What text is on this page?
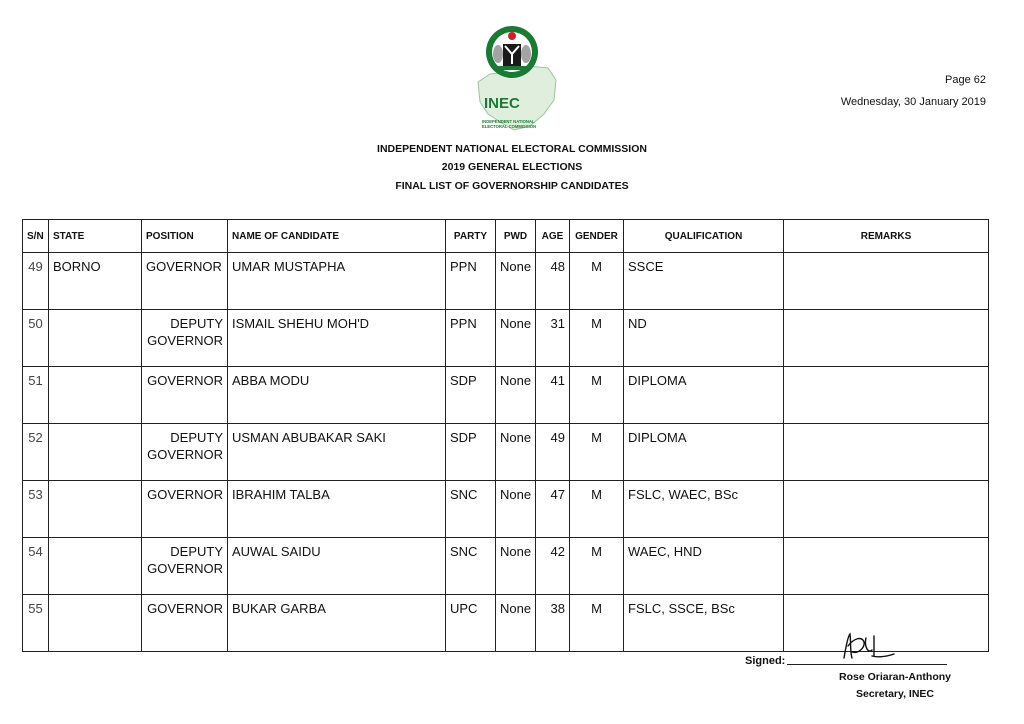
INEC
INDEPENDENT NATIONAL
ELECTORAL COMMISSION
Page 62
Wednesday, 30 January 2019
INDEPENDENT NATIONAL ELECTORAL COMMISSION
2019 GENERAL ELECTIONS
FINAL LIST OF GOVERNORSHIP CANDIDATES
S/N	STATE	POSITION	NAME OF CANDIDATE	PARTY	PWD	AGE	GENDER	QUALIFICATION	REMARKS
49	BORNO	GOVERNOR	UMAR MUSTAPHA	PPN	None	48	M	SSCE	
50		DEPUTY GOVERNOR	ISMAIL SHEHU MOH'D	PPN	None	31	M	ND	
51		GOVERNOR	ABBA MODU	SDP	None	41	M	DIPLOMA	
52		DEPUTY GOVERNOR	USMAN ABUBAKAR SAKI	SDP	None	49	M	DIPLOMA	
53		GOVERNOR	IBRAHIM TALBA	SNC	None	47	M	FSLC, WAEC, BSc	
54		DEPUTY GOVERNOR	AUWAL SAIDU	SNC	None	42	M	WAEC, HND	
55		GOVERNOR	BUKAR GARBA	UPC	None	38	M	FSLC, SSCE, BSc	
Signed:
Rose Oriaran-Anthony
Secretary, INEC
